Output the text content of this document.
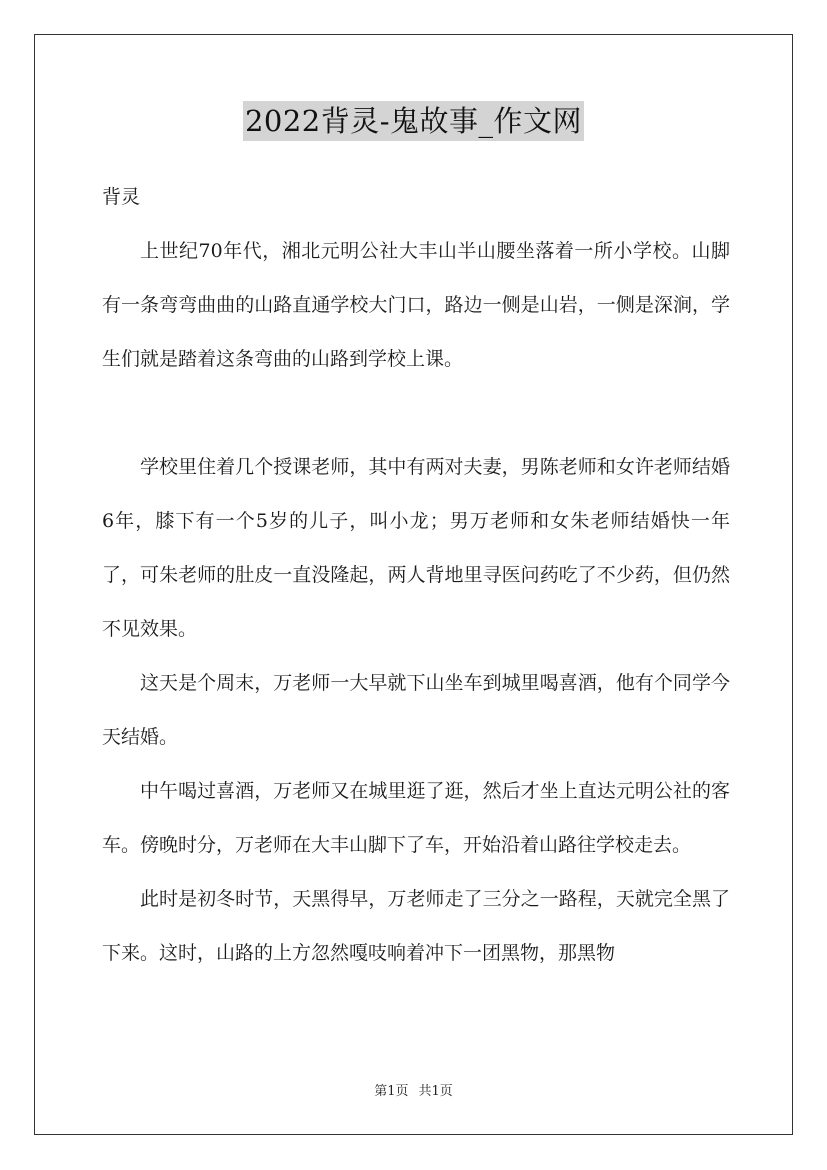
2022背灵-鬼故事_作文网

背灵

上世纪70年代，湘北元明公社大丰山半山腰坐落着一所小学校。山脚有一条弯弯曲曲的山路直通学校大门口，路边一侧是山岩，一侧是深涧，学生们就是踏着这条弯曲的山路到学校上课。

学校里住着几个授课老师，其中有两对夫妻，男陈老师和女许老师结婚6年，膝下有一个5岁的儿子，叫小龙；男万老师和女朱老师结婚快一年了，可朱老师的肚皮一直没隆起，两人背地里寻医问药吃了不少药，但仍然不见效果。

这天是个周末，万老师一大早就下山坐车到城里喝喜酒，他有个同学今天结婚。

中午喝过喜酒，万老师又在城里逛了逛，然后才坐上直达元明公社的客车。傍晚时分，万老师在大丰山脚下了车，开始沿着山路往学校走去。

此时是初冬时节，天黑得早，万老师走了三分之一路程，天就完全黑了下来。这时，山路的上方忽然嘎吱响着冲下一团黑物，那黑物

第1页 共1页
